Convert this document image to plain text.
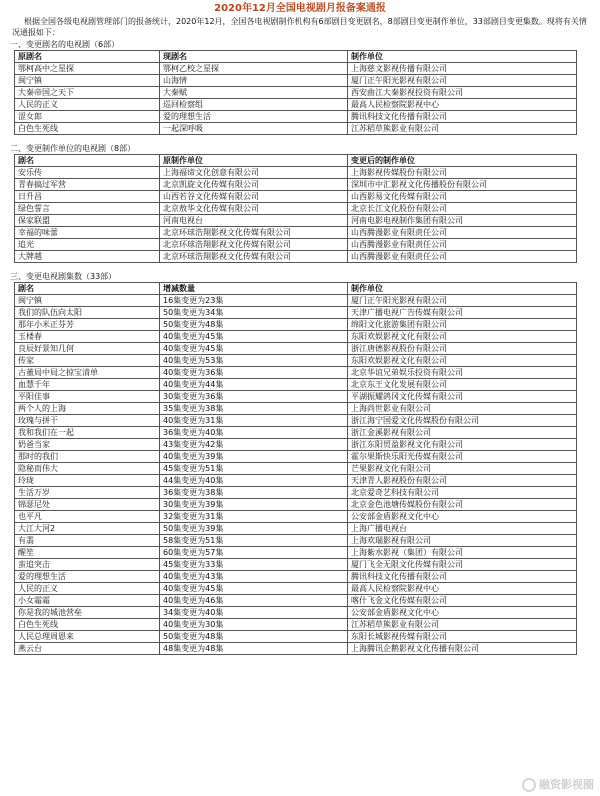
2020年12月全国电视剧月报备案通报
根据全国各级电视剧管理部门的报备统计，2020年12月，全国各电视剧制作机构有6部剧目变更剧名，8部剧目变更制作单位，33部剧目变更集数。现将有关情况通报如下：
一、变更剧名的电视剧（6部）
原剧名	现剧名	制作单位
鄂柯高中之星探	鄂柯乙校之星探	上海慈文影视传播有限公司
闽宁镇	山海情	厦门正午阳光影视有限公司
大秦帝国之天下	大秦赋	西安曲江大秦影视投资有限公司
人民的正义	巡回检察组	最高人民检察院影视中心
涩女郎	爱的理想生活	腾讯科技文化传播有限公司
白色生死线	一起深呼吸	江苏稻草熊影业有限公司
二、变更制作单位的电视剧（8部）
剧名	原制作单位	变更后的制作单位
安乐传	上海福谛文化创意有限公司	上海影视传媒股份有限公司
青春搞过军营	北京凯旋文化传媒有限公司	深圳市中汇影视文化传播股份有限公司
日升昌	山西若谷文化传媒有限公司	山西影易文化传媒有限公司
绿色誓言	北京敖华文化传媒有限公司	北京长江文化股份有限公司
保家联盟	河南电视台	河南电影电视制作集团有限公司
幸福的味蕾	北京环球浩翔影视文化传媒有限公司	山西腾漫影业有限责任公司
追光	北京环球浩翔影视文化传媒有限公司	山西腾漫影业有限责任公司
大牌越	北京环球浩翔影视文化传媒有限公司	山西腾漫影业有限责任公司
三、变更电视剧集数（33部）
剧名	增减数量	制作单位
闽宁镇	16集变更为23集	厦门正午阳光影视有限公司
我们的队伍向太阳	50集变更为34集	天津广播电视广告传媒有限公司
那年小米正芬芳	50集变更为48集	绵阳文化旅游集团有限公司
玉楼春	40集变更为45集	东阳欢娱影视文化有限公司
良辰好景知几何	40集变更为45集	浙江唐德影视股份有限公司
传家	40集变更为53集	东阳欢娱影视文化有限公司
古董局中局之掠宝清单	40集变更为36集	北京华谊兄弟娱乐投资有限公司
血慧千年	40集变更为44集	北京东王文化发展有限公司
平阳佳事	30集变更为36集	平湖振耀鸽冈文化传媒有限公司
两个人的上海	35集变更为38集	上海尚世影业有限公司
玫瑰与拼干	40集变更为31集	浙江海宁国爱文化传媒股份有限公司
我和我们在一起	36集变更为40集	浙江金溪影视有限公司
奶爸当家	43集变更为42集	浙江东阳贸盈影视文化有限公司
那时的我们	40集变更为39集	霍尔果斯快乐阳光传媒有限公司
隐秘而伟大	45集变更为51集	芒果影视文化有限公司
玲珑	44集变更为40集	天津青人影视股份有限公司
生活万岁	36集变更为38集	北京爱奇艺科技有限公司
锦瑟尼处	30集变更为39集	北京金色池塘传媒股份有限公司
也平凡	32集变更为31集	公安部金盾影视文化中心
大江大河2	50集变更为39集	上海广播电视台
有翡	58集变更为51集	上海欢瑞影视有限公司
醒笙	60集变更为57集	上海紫水影视（集团）有限公司
蛮追突击	45集变更为33集	厦门飞全无限文化传媒有限公司
爱的理想生活	40集变更为43集	腾讯科技文化传播有限公司
人民的正义	40集变更为45集	最高人民检察院影视中心
小女霜霜	40集变更为46集	喀什飞金文化传媒有限公司
你是我的城池营垒	34集变更为40集	公安部金盾影视文化中心
白色生死线	40集变更为30集	江苏稻草熊影业有限公司
人民总理周恩来	50集变更为48集	东阳长城影视传媒有限公司
燕云台	48集变更为48集	上海腾讯企鹅影视文化传播有限公司
融资影视圈
